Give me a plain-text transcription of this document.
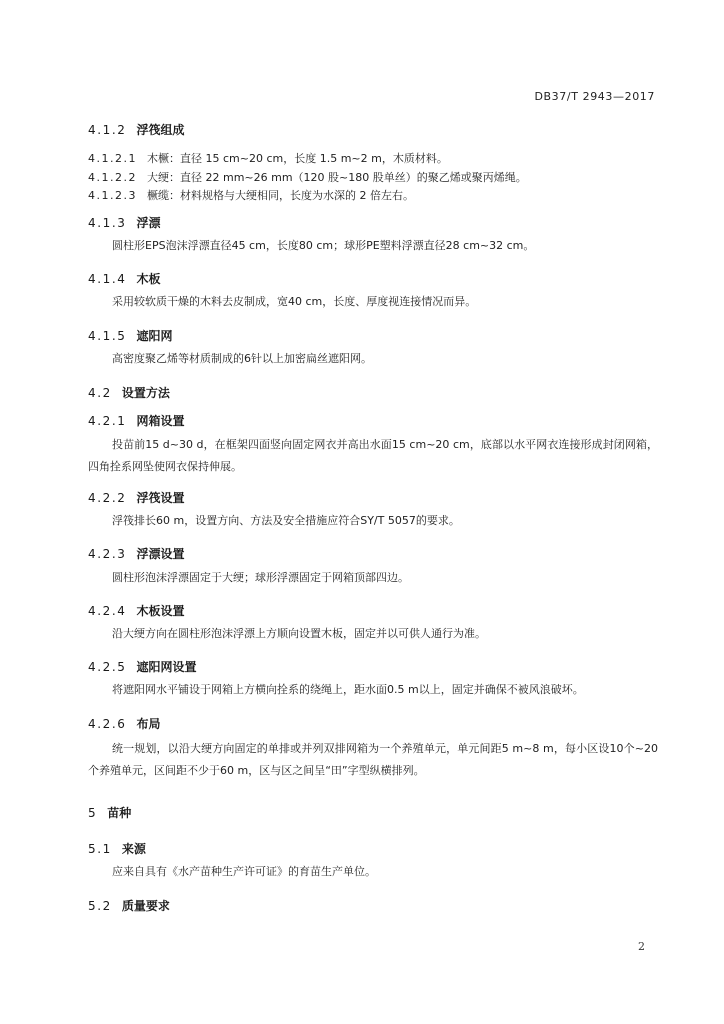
DB37/T 2943—2017
4.1.2 浮筏组成
4.1.2.1 木橛：直径 15 cm~20 cm，长度 1.5 m~2 m，木质材料。
4.1.2.2 大绠：直径 22 mm~26 mm（120 股~180 股单丝）的聚乙烯或聚丙烯绳。
4.1.2.3 橛缆：材料规格与大绠相同，长度为水深的 2 倍左右。
4.1.3 浮漂
圆柱形EPS泡沫浮漂直径45 cm，长度80 cm；球形PE塑料浮漂直径28 cm~32 cm。
4.1.4 木板
采用较软质干燥的木料去皮制成，宽40 cm，长度、厚度视连接情况而异。
4.1.5 遮阳网
高密度聚乙烯等材质制成的6针以上加密扁丝遮阳网。
4.2 设置方法
4.2.1 网箱设置
投苗前15 d~30 d，在框架四面竖向固定网衣并高出水面15 cm~20 cm，底部以水平网衣连接形成封闭网箱，四角拴系网坠使网衣保持伸展。
4.2.2 浮筏设置
浮筏排长60 m，设置方向、方法及安全措施应符合SY/T 5057的要求。
4.2.3 浮漂设置
圆柱形泡沫浮漂固定于大绠；球形浮漂固定于网箱顶部四边。
4.2.4 木板设置
沿大绠方向在圆柱形泡沫浮漂上方顺向设置木板，固定并以可供人通行为准。
4.2.5 遮阳网设置
将遮阳网水平铺设于网箱上方横向拴系的绕绳上，距水面0.5 m以上，固定并确保不被风浪破坏。
4.2.6 布局
统一规划，以沿大绠方向固定的单排或并列双排网箱为一个养殖单元，单元间距5 m~8 m，每小区设10个~20个养殖单元，区间距不少于60 m，区与区之间呈“田”字型纵横排列。
5 苗种
5.1 来源
应来自具有《水产苗种生产许可证》的育苗生产单位。
5.2 质量要求
2
